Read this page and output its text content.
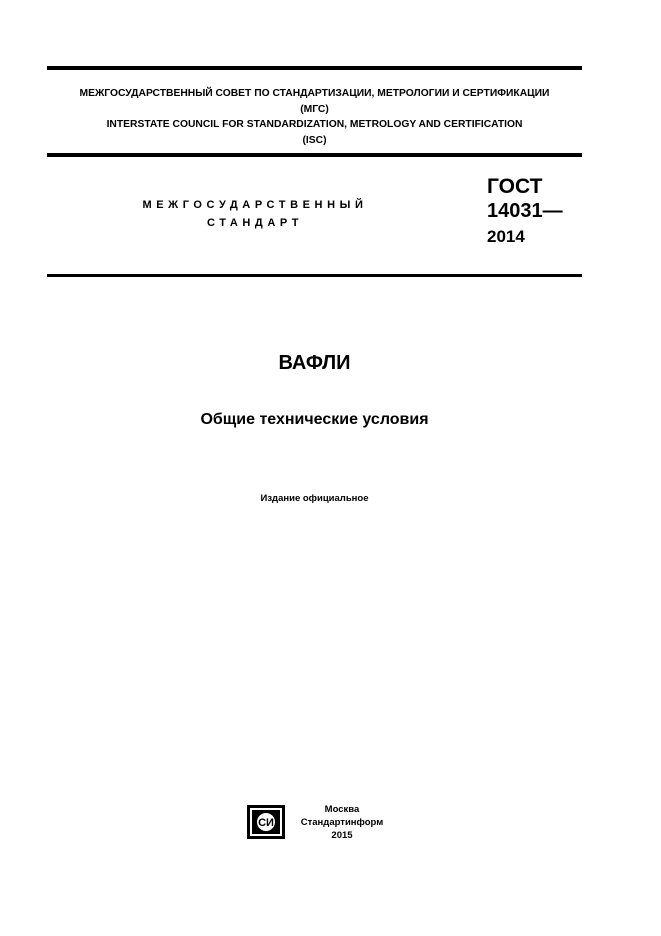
МЕЖГОСУДАРСТВЕННЫЙ СОВЕТ ПО СТАНДАРТИЗАЦИИ, МЕТРОЛОГИИ И СЕРТИФИКАЦИИ
(МГС)
INTERSTATE COUNCIL FOR STANDARDIZATION, METROLOGY AND CERTIFICATION
(ISC)
МЕЖГОСУДАРСТВЕННЫЙ
СТАНДАРТ
ГОСТ
14031—
2014
ВАФЛИ
Общие технические условия
Издание официальное
СИ
Москва
Стандартинформ
2015
